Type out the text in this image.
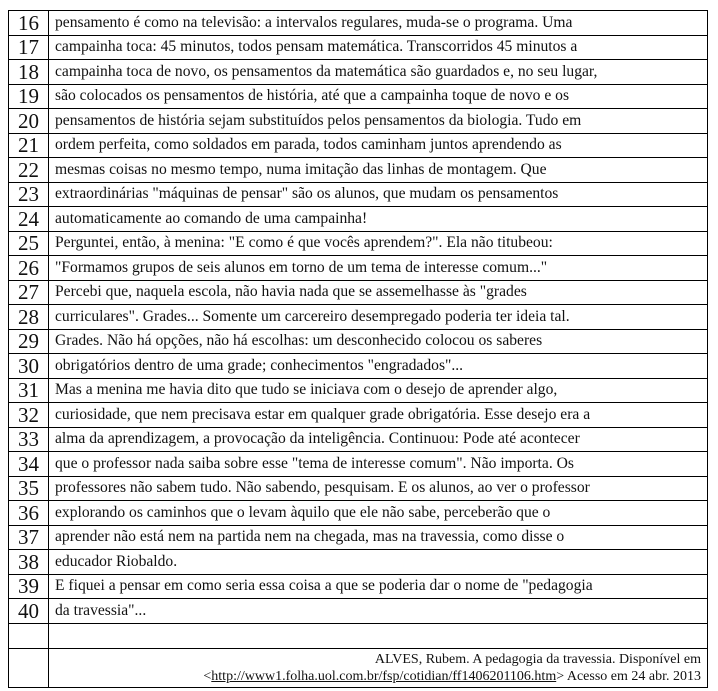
16	pensamento é como na televisão: a intervalos regulares, muda-se o programa. Uma
17	campainha toca: 45 minutos, todos pensam matemática. Transcorridos 45 minutos a
18	campainha toca de novo, os pensamentos da matemática são guardados e, no seu lugar,
19	são colocados os pensamentos de história, até que a campainha toque de novo e os
20	pensamentos de história sejam substituídos pelos pensamentos da biologia. Tudo em
21	ordem perfeita, como soldados em parada, todos caminham juntos aprendendo as
22	mesmas coisas no mesmo tempo, numa imitação das linhas de montagem. Que
23	extraordinárias "máquinas de pensar" são os alunos, que mudam os pensamentos
24	automaticamente ao comando de uma campainha!
25	Perguntei, então, à menina: "E como é que vocês aprendem?". Ela não titubeou:
26	"Formamos grupos de seis alunos em torno de um tema de interesse comum..."
27	Percebi que, naquela escola, não havia nada que se assemelhasse às "grades
28	curriculares". Grades... Somente um carcereiro desempregado poderia ter ideia tal.
29	Grades. Não há opções, não há escolhas: um desconhecido colocou os saberes
30	obrigatórios dentro de uma grade; conhecimentos "engradados"...
31	Mas a menina me havia dito que tudo se iniciava com o desejo de aprender algo,
32	curiosidade, que nem precisava estar em qualquer grade obrigatória. Esse desejo era a
33	alma da aprendizagem, a provocação da inteligência. Continuou: Pode até acontecer
34	que o professor nada saiba sobre esse "tema de interesse comum". Não importa. Os
35	professores não sabem tudo. Não sabendo, pesquisam. E os alunos, ao ver o professor
36	explorando os caminhos que o levam àquilo que ele não sabe, perceberão que o
37	aprender não está nem na partida nem na chegada, mas na travessia, como disse o
38	educador Riobaldo.
39	E fiquei a pensar em como seria essa coisa a que se poderia dar o nome de "pedagogia
40	da travessia"...

	ALVES, Rubem. A pedagogia da travessia. Disponível em
<http://www1.folha.uol.com.br/fsp/cotidian/ff1406201106.htm> Acesso em 24 abr. 2013
